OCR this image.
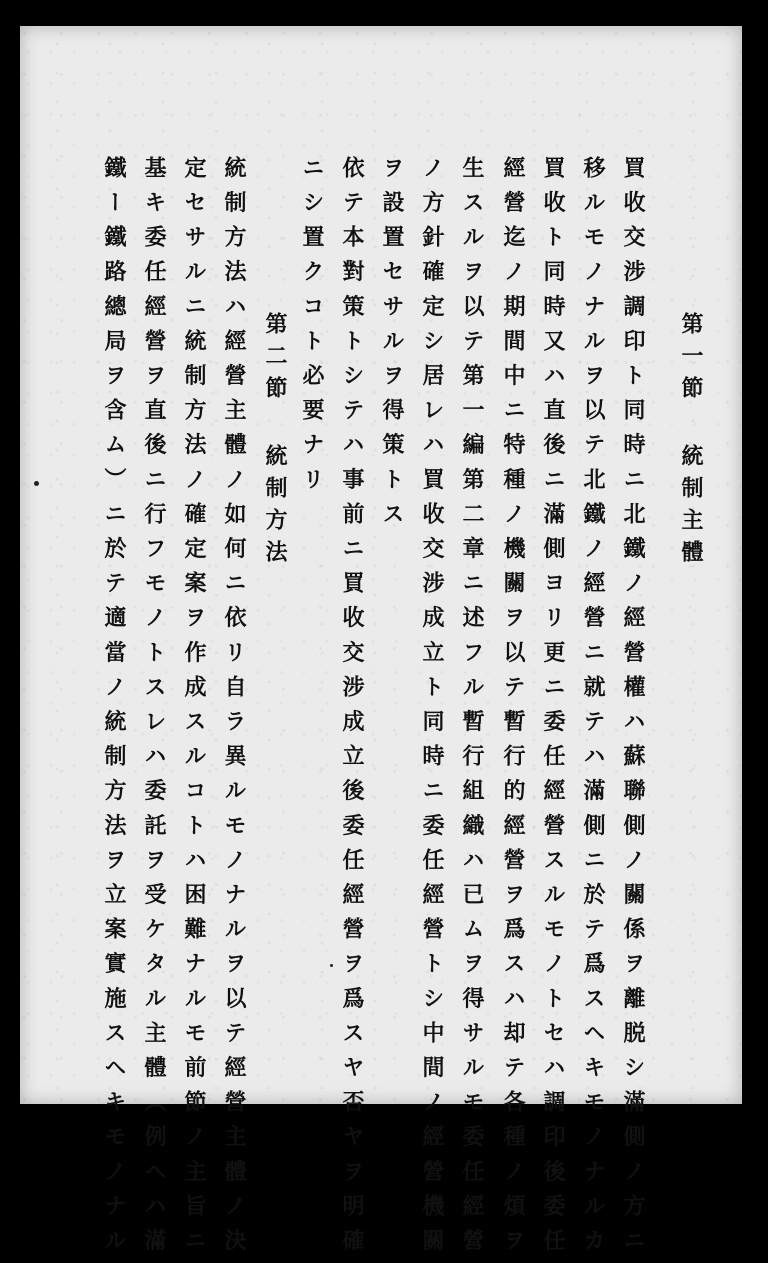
第一節 統制主體
買收交涉調印ト同時ニ北鐵ノ經營權ハ蘇聯側ノ關係ヲ離脱シ滿側ノ方ニ
移ルモノナルヲ以テ北鐵ノ經營ニ就テハ滿側ニ於テ爲スヘキモノナルカ
買收ト同時又ハ直後ニ滿側ヨリ更ニ委任經營スルモノトセハ調印後委任
經營迄ノ期間中ニ特種ノ機關ヲ以テ暫行的經營ヲ爲スハ却テ各種ノ煩ヲ
生スルヲ以テ第一編第二章ニ述フル暫行組織ハ已ムヲ得サルモ委任經營
ノ方針確定シ居レハ買收交涉成立ト同時ニ委任經營トシ中間ノ經營機關
ヲ設置セサルヲ得策トス
依テ本對策トシテハ事前ニ買收交涉成立後委任經營ヲ爲スヤ否ヤヲ明確
ニシ置クコト必要ナリ
第二節 統制方法
統制方法ハ經營主體ノ如何ニ依リ自ラ異ルモノナルヲ以テ經營主體ノ決
定セサルニ統制方法ノ確定案ヲ作成スルコトハ困難ナルモ前節ノ主旨ニ
基キ委任經營ヲ直後ニ行フモノトスレハ委託ヲ受ケタル主體（例ヘハ滿
鐵ー鐵路總局ヲ含ム）ニ於テ適當ノ統制方法ヲ立案實施スヘキモノナル
